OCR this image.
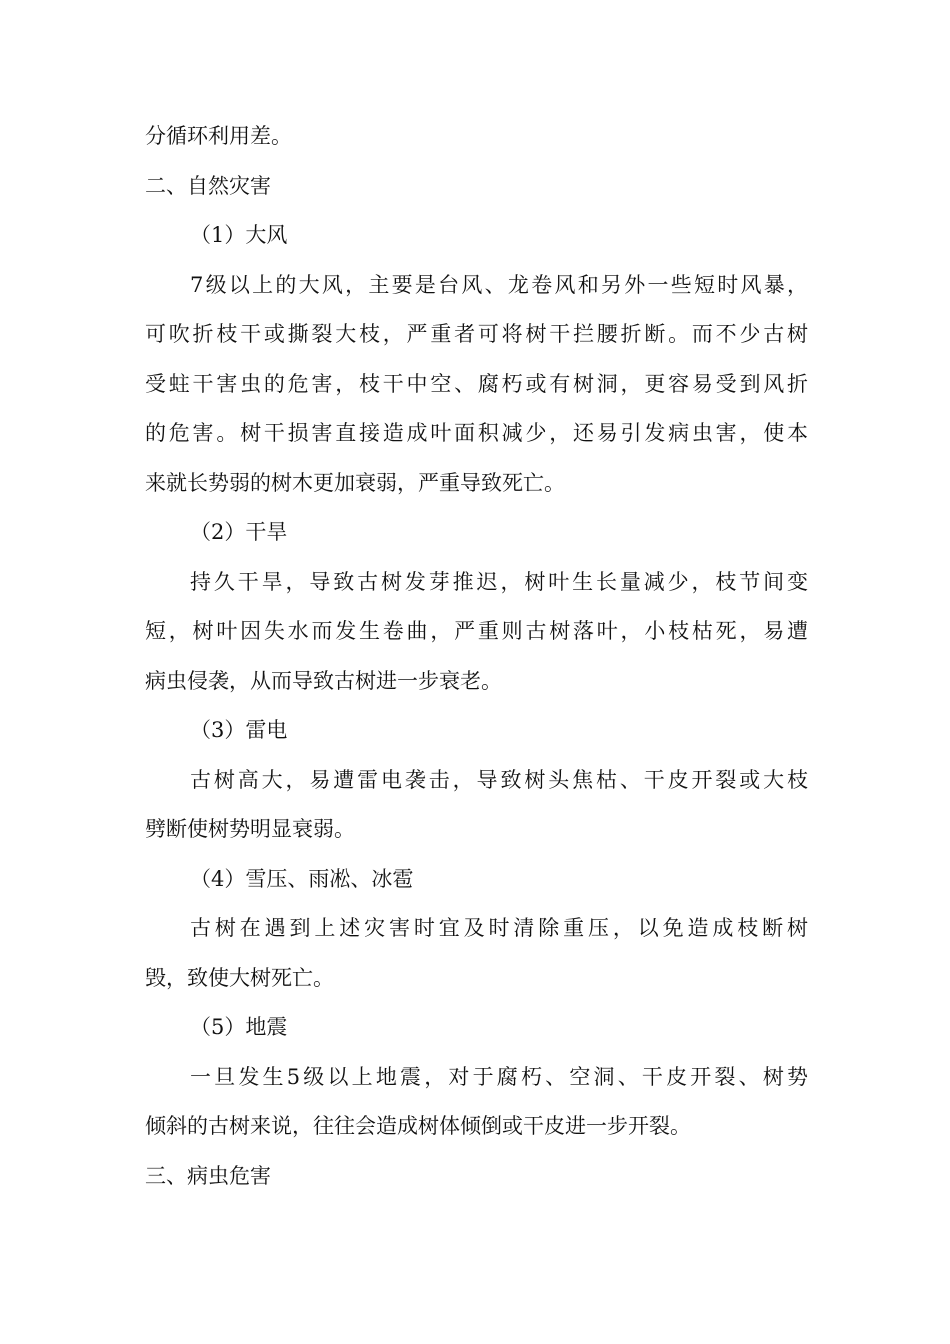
分循环利用差。
二、自然灾害
（1）大风
7级以上的大风，主要是台风、龙卷风和另外一些短时风暴，
可吹折枝干或撕裂大枝，严重者可将树干拦腰折断。而不少古树
受蛀干害虫的危害，枝干中空、腐朽或有树洞，更容易受到风折
的危害。树干损害直接造成叶面积减少，还易引发病虫害，使本
来就长势弱的树木更加衰弱，严重导致死亡。
（2）干旱
持久干旱，导致古树发芽推迟，树叶生长量减少，枝节间变
短，树叶因失水而发生卷曲，严重则古树落叶，小枝枯死，易遭
病虫侵袭，从而导致古树进一步衰老。
（3）雷电
古树高大，易遭雷电袭击，导致树头焦枯、干皮开裂或大枝
劈断使树势明显衰弱。
（4）雪压、雨凇、冰雹
古树在遇到上述灾害时宜及时清除重压，以免造成枝断树
毁，致使大树死亡。
（5）地震
一旦发生5级以上地震，对于腐朽、空洞、干皮开裂、树势
倾斜的古树来说，往往会造成树体倾倒或干皮进一步开裂。
三、病虫危害
